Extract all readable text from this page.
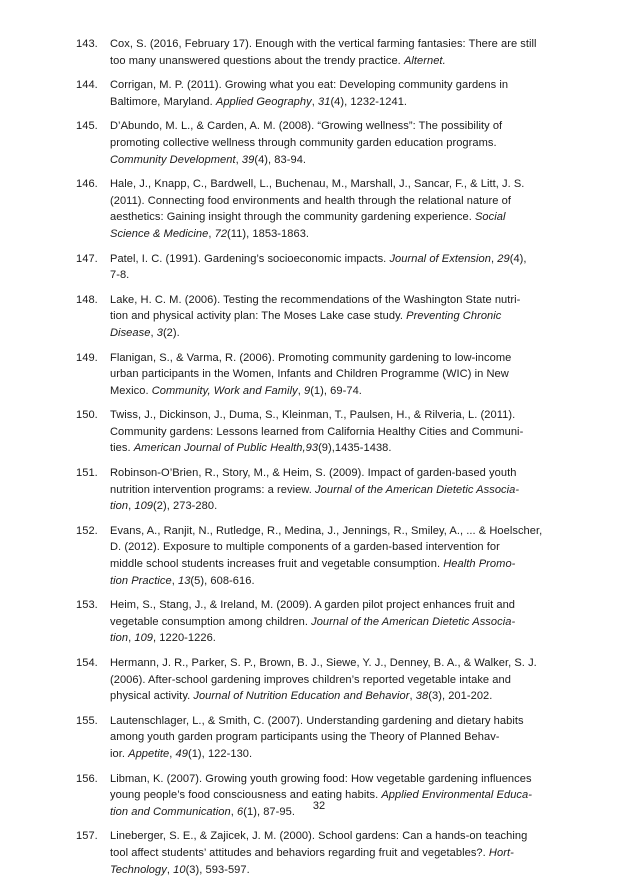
143.	Cox, S. (2016, February 17). Enough with the vertical farming fantasies: There are still
too many unanswered questions about the trendy practice. Alternet.
144.	Corrigan, M. P. (2011). Growing what you eat: Developing community gardens in
Baltimore, Maryland. Applied Geography, 31(4), 1232-1241.
145.	D’Abundo, M. L., & Carden, A. M. (2008). “Growing wellness”: The possibility of
promoting collective wellness through community garden education programs.
Community Development, 39(4), 83-94.
146.	Hale, J., Knapp, C., Bardwell, L., Buchenau, M., Marshall, J., Sancar, F., & Litt, J. S.
(2011). Connecting food environments and health through the relational nature of
aesthetics: Gaining insight through the community gardening experience. Social
Science & Medicine, 72(11), 1853-1863.
147.	Patel, I. C. (1991). Gardening’s socioeconomic impacts. Journal of Extension, 29(4),
7-8.
148.	Lake, H. C. M. (2006). Testing the recommendations of the Washington State nutri-
tion and physical activity plan: The Moses Lake case study. Preventing Chronic
Disease, 3(2).
149.	Flanigan, S., & Varma, R. (2006). Promoting community gardening to low-income
urban participants in the Women, Infants and Children Programme (WIC) in New
Mexico. Community, Work and Family, 9(1), 69-74.
150.	Twiss, J., Dickinson, J., Duma, S., Kleinman, T., Paulsen, H., & Rilveria, L. (2011).
Community gardens: Lessons learned from California Healthy Cities and Communi-
ties. American Journal of Public Health,93(9),1435-1438.
151.	Robinson-O’Brien, R., Story, M., & Heim, S. (2009). Impact of garden-based youth
nutrition intervention programs: a review. Journal of the American Dietetic Associa-
tion, 109(2), 273-280.
152.	Evans, A., Ranjit, N., Rutledge, R., Medina, J., Jennings, R., Smiley, A., ... & Hoelscher,
D. (2012). Exposure to multiple components of a garden-based intervention for
middle school students increases fruit and vegetable consumption. Health Promo-
tion Practice, 13(5), 608-616.
153.	Heim, S., Stang, J., & Ireland, M. (2009). A garden pilot project enhances fruit and
vegetable consumption among children. Journal of the American Dietetic Associa-
tion, 109, 1220-1226.
154.	Hermann, J. R., Parker, S. P., Brown, B. J., Siewe, Y. J., Denney, B. A., & Walker, S. J.
(2006). After-school gardening improves children’s reported vegetable intake and
physical activity. Journal of Nutrition Education and Behavior, 38(3), 201-202.
155.	Lautenschlager, L., & Smith, C. (2007). Understanding gardening and dietary habits
among youth garden program participants using the Theory of Planned Behav-
ior. Appetite, 49(1), 122-130.
156.	Libman, K. (2007). Growing youth growing food: How vegetable gardening influences
young people’s food consciousness and eating habits. Applied Environmental Educa-
tion and Communication, 6(1), 87-95.
157.	Lineberger, S. E., & Zajicek, J. M. (2000). School gardens: Can a hands-on teaching
tool affect students’ attitudes and behaviors regarding fruit and vegetables?. Hort-
Technology, 10(3), 593-597.
32
